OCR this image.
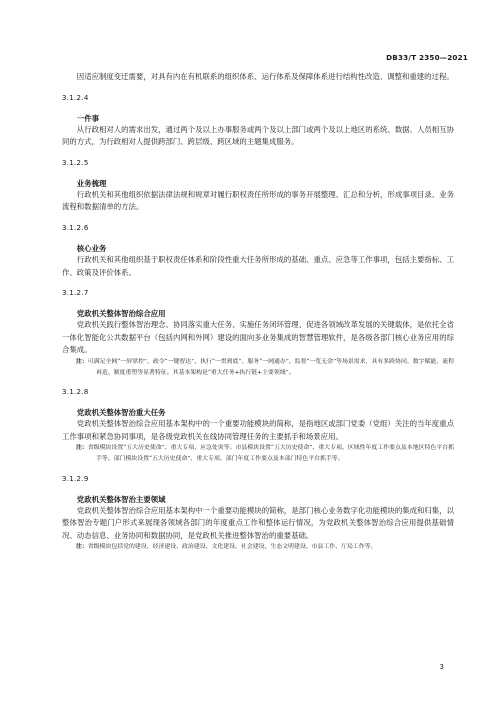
DB33/T 2350—2021

因适应制度变迁需要，对具有内在有机联系的组织体系、运行体系及保障体系进行结构性改造、调整和重建的过程。

3.1.2.4
一件事

从行政相对人的需求出发，通过两个及以上办事服务或两个及以上部门或两个及以上地区的系统、数据、人员相互协同的方式，为行政相对人提供跨部门、跨层级、跨区域的主题集成服务。

3.1.2.5
业务梳理

行政机关和其他组织依据法律法规和规章对履行职权责任所形成的事务开展整理、汇总和分析，形成事项目录、业务流程和数据清单的方法。

3.1.2.6
核心业务

行政机关和其他组织基于职权责任体系和阶段性重大任务所形成的基础、重点、应急等工作事项，包括主要指标、工作、政策及评价体系。

3.1.2.7
党政机关整体智治综合应用

党政机关践行整体智治理念、协同落实重大任务、实施任务闭环管理、促进各领域改革发展的关键载体，是依托全省一体化智能化公共数据平台（包括内网和外网）建设的面向多业务集成的智慧管理软件，是各级各部门核心业务应用的综合集成。

注：可满足全网“一屏掌控”、政令“一键智达”、执行“一贯到底”、服务“一网通办”、监督“一览无余”等场景需求，具有多跨协同、数字赋能、流程再造、制度重塑等显著特征。其基本架构是“重大任务+执行链+主要领域”。

3.1.2.8
党政机关整体智治重大任务

党政机关整体智治综合应用基本架构中的一个重要功能模块的简称，是指地区或部门党委（党组）关注的当年度重点工作事项和紧急协同事项，是各级党政机关在线协同管理任务的主要抓手和场景应用。

注：省级模块设置“五大历史使命”、重大专项、应急处突等。市县模块设置“五大历史使命”、重大专项、区域性年度工作要点及本地区特色平台抓手等。部门模块设置“五大历史使命”、重大专项、部门年度工作要点及本部门特色平台抓手等。

3.1.2.9
党政机关整体智治主要领域

党政机关整体智治综合应用基本架构中一个重要功能模块的简称，是部门核心业务数字化功能模块的集成和归集，以整体智治专题门户形式来展现各领域各部门的年度重点工作和整体运行情况，为党政机关整体智治综合应用提供基础情况、动态信息、业务协同和数据协同，是党政机关推进整体智治的重要基础。

注：省级模块包括党的建设、经济建设、政治建设、文化建设、社会建设、生态文明建设、市县工作、厅局工作等。

3
